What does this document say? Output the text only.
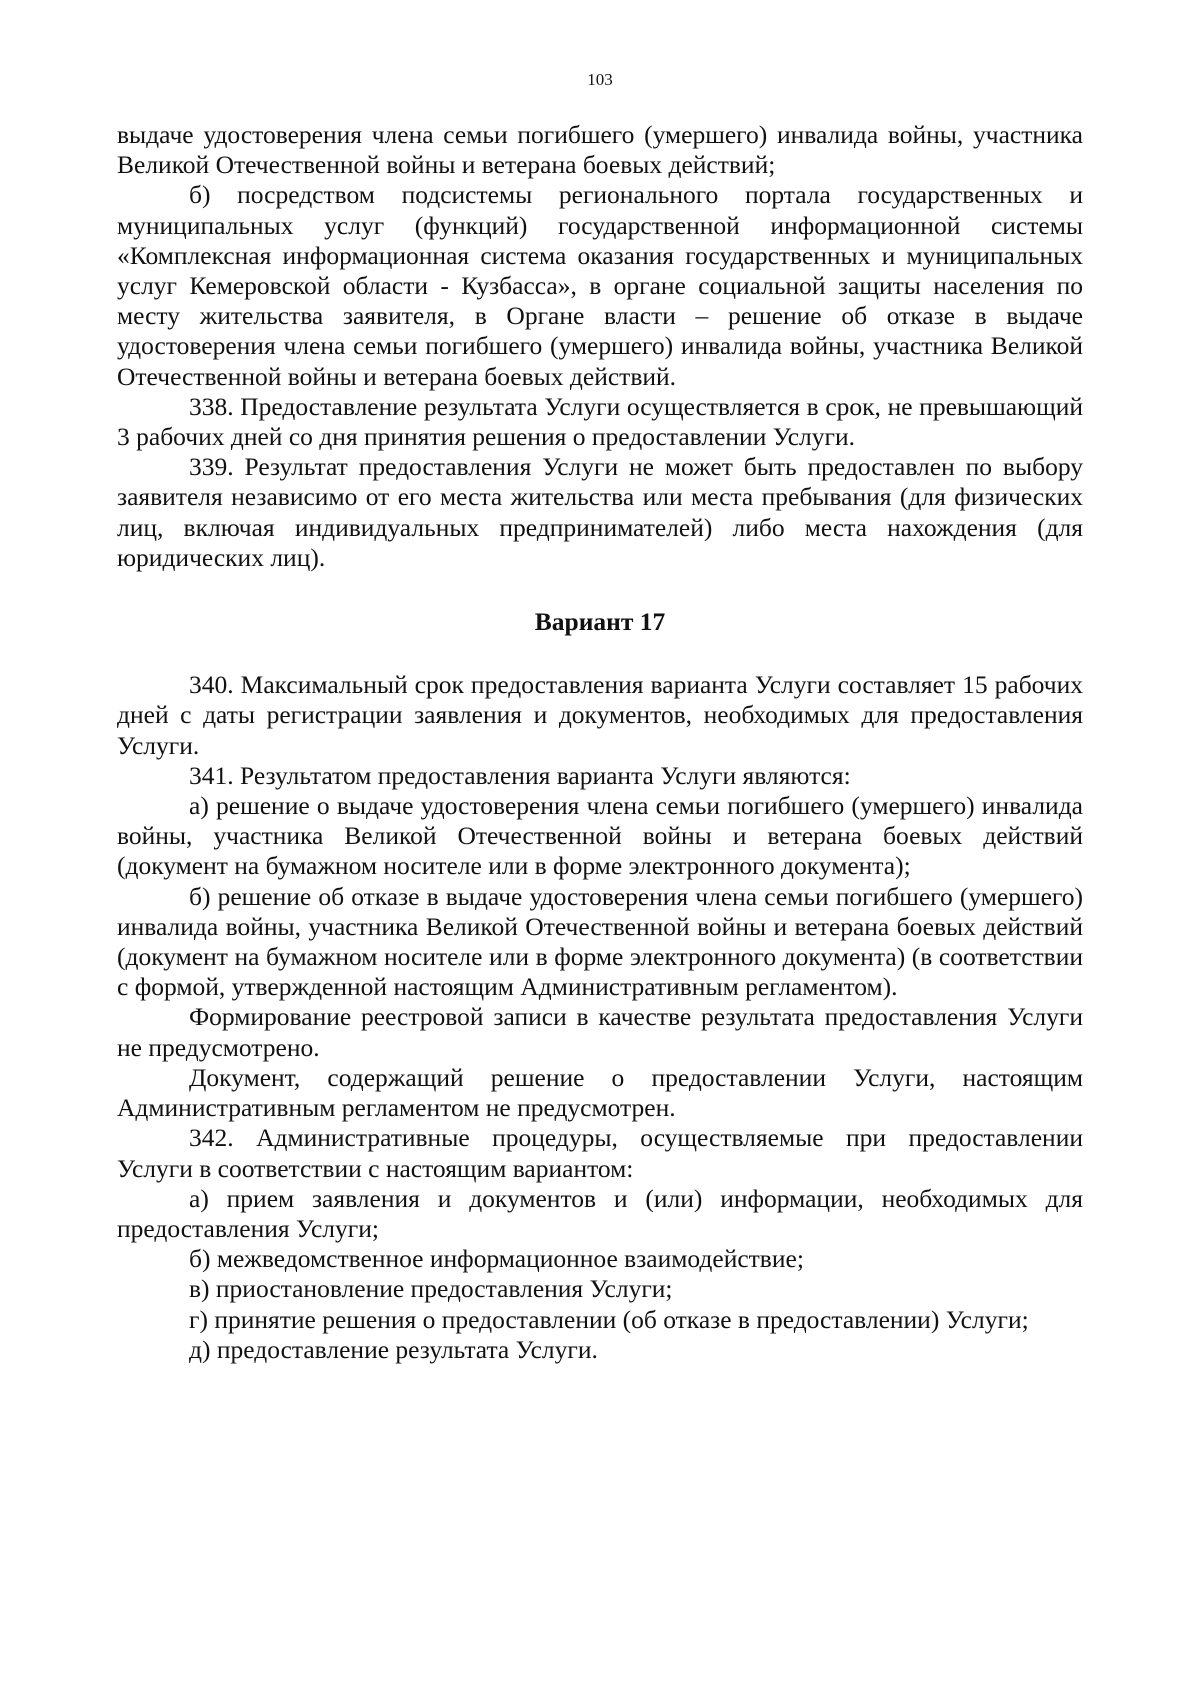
103

выдаче удостоверения члена семьи погибшего (умершего) инвалида войны, участника Великой Отечественной войны и ветерана боевых действий;

б) посредством подсистемы регионального портала государственных и муниципальных услуг (функций) государственной информационной системы «Комплексная информационная система оказания государственных и муниципальных услуг Кемеровской области - Кузбасса», в органе социальной защиты населения по месту жительства заявителя, в Органе власти – решение об отказе в выдаче удостоверения члена семьи погибшего (умершего) инвалида войны, участника Великой Отечественной войны и ветерана боевых действий.

338. Предоставление результата Услуги осуществляется в срок, не превышающий 3 рабочих дней со дня принятия решения о предоставлении Услуги.

339. Результат предоставления Услуги не может быть предоставлен по выбору заявителя независимо от его места жительства или места пребывания (для физических лиц, включая индивидуальных предпринимателей) либо места нахождения (для юридических лиц).

Вариант 17

340. Максимальный срок предоставления варианта Услуги составляет 15 рабочих дней с даты регистрации заявления и документов, необходимых для предоставления Услуги.

341. Результатом предоставления варианта Услуги являются:

а) решение о выдаче удостоверения члена семьи погибшего (умершего) инвалида войны, участника Великой Отечественной войны и ветерана боевых действий (документ на бумажном носителе или в форме электронного документа);

б) решение об отказе в выдаче удостоверения члена семьи погибшего (умершего) инвалида войны, участника Великой Отечественной войны и ветерана боевых действий (документ на бумажном носителе или в форме электронного документа) (в соответствии с формой, утвержденной настоящим Административным регламентом).

Формирование реестровой записи в качестве результата предоставления Услуги не предусмотрено.

Документ, содержащий решение о предоставлении Услуги, настоящим Административным регламентом не предусмотрен.

342. Административные процедуры, осуществляемые при предоставлении Услуги в соответствии с настоящим вариантом:

а) прием заявления и документов и (или) информации, необходимых для предоставления Услуги;

б) межведомственное информационное взаимодействие;

в) приостановление предоставления Услуги;

г) принятие решения о предоставлении (об отказе в предоставлении) Услуги;

д) предоставление результата Услуги.
